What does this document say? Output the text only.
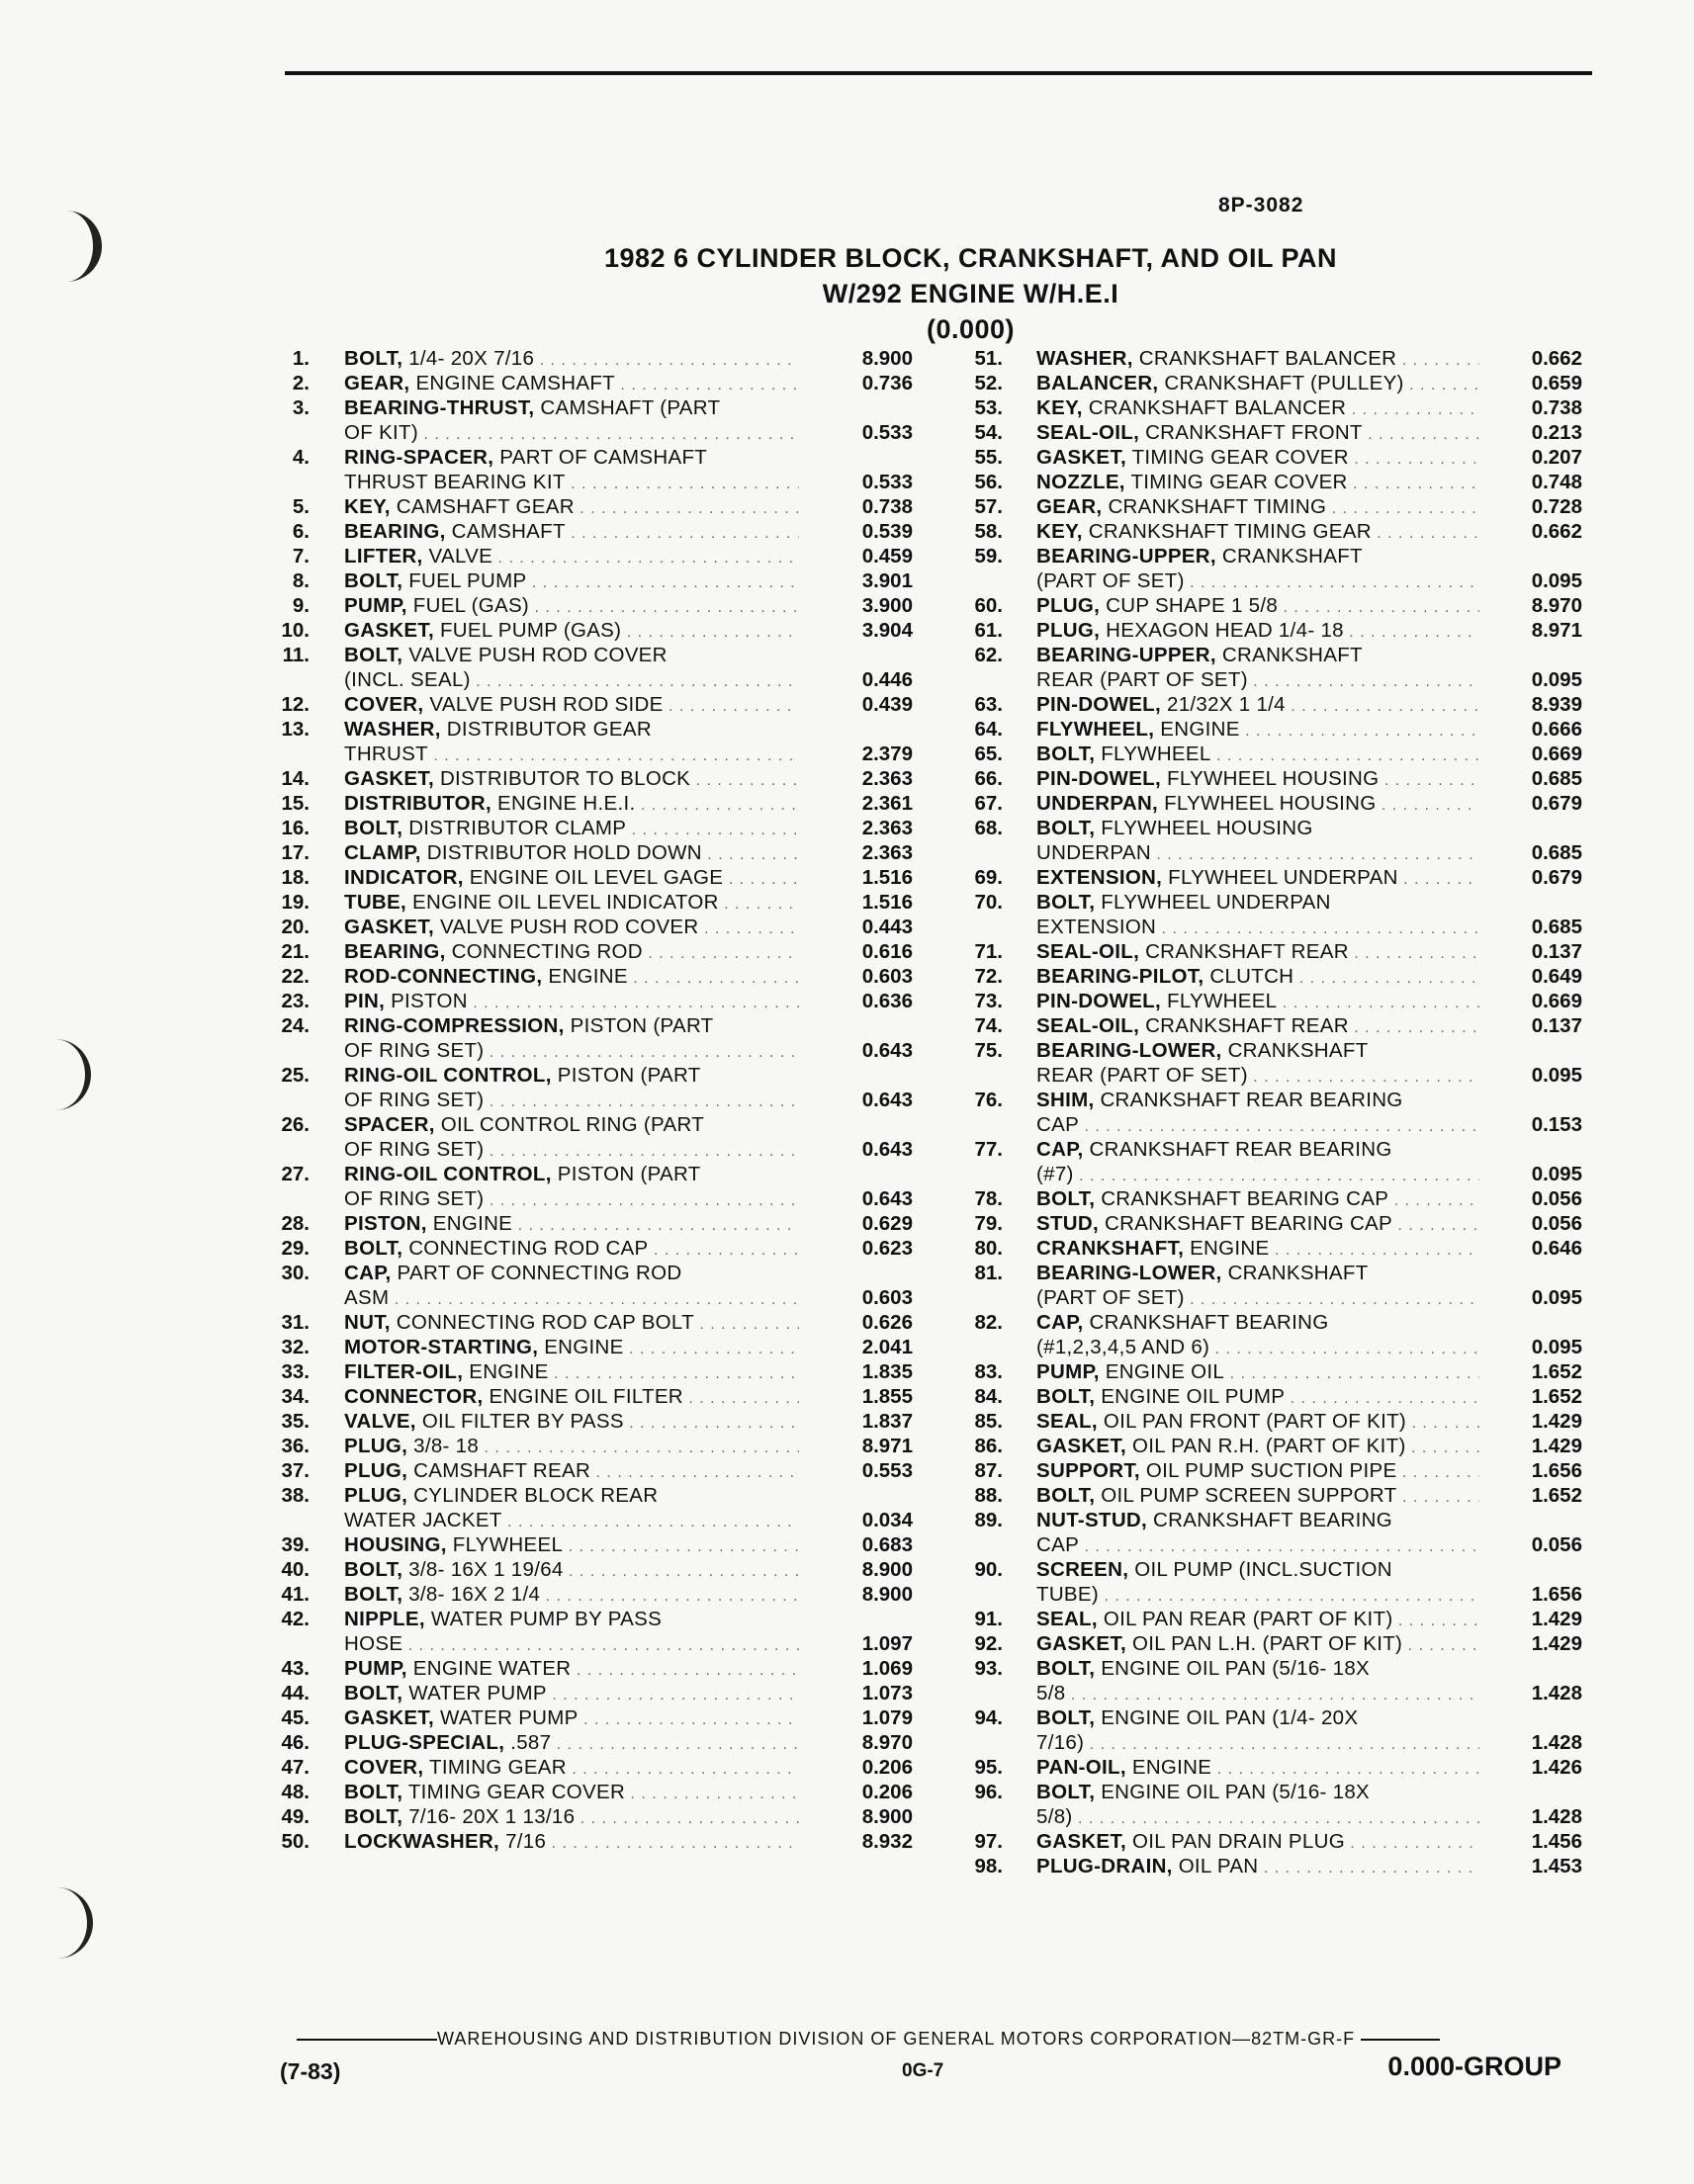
8P-3082
1982 6 CYLINDER BLOCK, CRANKSHAFT, AND OIL PAN
W/292 ENGINE W/H.E.I
(0.000)
1. BOLT, 1/4- 20X 7/16 . . .	8.900
2. GEAR, ENGINE CAMSHAFT . . .	0.736
3. BEARING-THRUST, CAMSHAFT (PART
OF KIT) . . .	0.533
4. RING-SPACER, PART OF CAMSHAFT
THRUST BEARING KIT . . .	0.533
5. KEY, CAMSHAFT GEAR . . .	0.738
6. BEARING, CAMSHAFT . . .	0.539
7. LIFTER, VALVE . . .	0.459
8. BOLT, FUEL PUMP . . .	3.901
9. PUMP, FUEL (GAS) . . .	3.900
10. GASKET, FUEL PUMP (GAS) . . .	3.904
11. BOLT, VALVE PUSH ROD COVER
(INCL. SEAL) . . .	0.446
12. COVER, VALVE PUSH ROD SIDE . . .	0.439
13. WASHER, DISTRIBUTOR GEAR
THRUST . . .	2.379
14. GASKET, DISTRIBUTOR TO BLOCK . . .	2.363
15. DISTRIBUTOR, ENGINE H.E.I. . . .	2.361
16. BOLT, DISTRIBUTOR CLAMP . . .	2.363
17. CLAMP, DISTRIBUTOR HOLD DOWN . . .	2.363
18. INDICATOR, ENGINE OIL LEVEL GAGE . . .	1.516
19. TUBE, ENGINE OIL LEVEL INDICATOR . . .	1.516
20. GASKET, VALVE PUSH ROD COVER . . .	0.443
21. BEARING, CONNECTING ROD . . .	0.616
22. ROD-CONNECTING, ENGINE . . .	0.603
23. PIN, PISTON . . .	0.636
24. RING-COMPRESSION, PISTON (PART
OF RING SET) . . .	0.643
25. RING-OIL CONTROL, PISTON (PART
OF RING SET) . . .	0.643
26. SPACER, OIL CONTROL RING (PART
OF RING SET) . . .	0.643
27. RING-OIL CONTROL, PISTON (PART
OF RING SET) . . .	0.643
28. PISTON, ENGINE . . .	0.629
29. BOLT, CONNECTING ROD CAP . . .	0.623
30. CAP, PART OF CONNECTING ROD
ASM . . .	0.603
31. NUT, CONNECTING ROD CAP BOLT . . .	0.626
32. MOTOR-STARTING, ENGINE . . .	2.041
33. FILTER-OIL, ENGINE . . .	1.835
34. CONNECTOR, ENGINE OIL FILTER . . .	1.855
35. VALVE, OIL FILTER BY PASS . . .	1.837
36. PLUG, 3/8- 18 . . .	8.971
37. PLUG, CAMSHAFT REAR . . .	0.553
38. PLUG, CYLINDER BLOCK REAR
WATER JACKET . . .	0.034
39. HOUSING, FLYWHEEL . . .	0.683
40. BOLT, 3/8- 16X 1 19/64 . . .	8.900
41. BOLT, 3/8- 16X 2 1/4 . . .	8.900
42. NIPPLE, WATER PUMP BY PASS
HOSE . . .	1.097
43. PUMP, ENGINE WATER . . .	1.069
44. BOLT, WATER PUMP . . .	1.073
45. GASKET, WATER PUMP . . .	1.079
46. PLUG-SPECIAL, .587 . . .	8.970
47. COVER, TIMING GEAR . . .	0.206
48. BOLT, TIMING GEAR COVER . . .	0.206
49. BOLT, 7/16- 20X 1 13/16 . . .	8.900
50. LOCKWASHER, 7/16 . . .	8.932
51. WASHER, CRANKSHAFT BALANCER . . .	0.662
52. BALANCER, CRANKSHAFT (PULLEY) . . .	0.659
53. KEY, CRANKSHAFT BALANCER . . .	0.738
54. SEAL-OIL, CRANKSHAFT FRONT . . .	0.213
55. GASKET, TIMING GEAR COVER . . .	0.207
56. NOZZLE, TIMING GEAR COVER . . .	0.748
57. GEAR, CRANKSHAFT TIMING . . .	0.728
58. KEY, CRANKSHAFT TIMING GEAR . . .	0.662
59. BEARING-UPPER, CRANKSHAFT
(PART OF SET) . . .	0.095
60. PLUG, CUP SHAPE 1 5/8 . . .	8.970
61. PLUG, HEXAGON HEAD 1/4- 18 . . .	8.971
62. BEARING-UPPER, CRANKSHAFT
REAR (PART OF SET) . . .	0.095
63. PIN-DOWEL, 21/32X 1 1/4 . . .	8.939
64. FLYWHEEL, ENGINE . . .	0.666
65. BOLT, FLYWHEEL . . .	0.669
66. PIN-DOWEL, FLYWHEEL HOUSING . . .	0.685
67. UNDERPAN, FLYWHEEL HOUSING . . .	0.679
68. BOLT, FLYWHEEL HOUSING
UNDERPAN . . .	0.685
69. EXTENSION, FLYWHEEL UNDERPAN . . .	0.679
70. BOLT, FLYWHEEL UNDERPAN
EXTENSION . . .	0.685
71. SEAL-OIL, CRANKSHAFT REAR . . .	0.137
72. BEARING-PILOT, CLUTCH . . .	0.649
73. PIN-DOWEL, FLYWHEEL . . .	0.669
74. SEAL-OIL, CRANKSHAFT REAR . . .	0.137
75. BEARING-LOWER, CRANKSHAFT
REAR (PART OF SET) . . .	0.095
76. SHIM, CRANKSHAFT REAR BEARING
CAP . . .	0.153
77. CAP, CRANKSHAFT REAR BEARING
(#7) . . .	0.095
78. BOLT, CRANKSHAFT BEARING CAP . . .	0.056
79. STUD, CRANKSHAFT BEARING CAP . . .	0.056
80. CRANKSHAFT, ENGINE . . .	0.646
81. BEARING-LOWER, CRANKSHAFT
(PART OF SET) . . .	0.095
82. CAP, CRANKSHAFT BEARING
(#1,2,3,4,5 AND 6) . . .	0.095
83. PUMP, ENGINE OIL . . .	1.652
84. BOLT, ENGINE OIL PUMP . . .	1.652
85. SEAL, OIL PAN FRONT (PART OF KIT) . . .	1.429
86. GASKET, OIL PAN R.H. (PART OF KIT) . . .	1.429
87. SUPPORT, OIL PUMP SUCTION PIPE . . .	1.656
88. BOLT, OIL PUMP SCREEN SUPPORT . . .	1.652
89. NUT-STUD, CRANKSHAFT BEARING
CAP . . .	0.056
90. SCREEN, OIL PUMP (INCL.SUCTION
TUBE) . . .	1.656
91. SEAL, OIL PAN REAR (PART OF KIT) . . .	1.429
92. GASKET, OIL PAN L.H. (PART OF KIT) . . .	1.429
93. BOLT, ENGINE OIL PAN (5/16- 18X
5/8 . . .	1.428
94. BOLT, ENGINE OIL PAN (1/4- 20X
7/16) . . .	1.428
95. PAN-OIL, ENGINE . . .	1.426
96. BOLT, ENGINE OIL PAN (5/16- 18X
5/8) . . .	1.428
97. GASKET, OIL PAN DRAIN PLUG . . .	1.456
98. PLUG-DRAIN, OIL PAN . . .	1.453
WAREHOUSING AND DISTRIBUTION DIVISION OF GENERAL MOTORS CORPORATION—82TM-GR-F
(7-83)	0G-7	0.000-GROUP
